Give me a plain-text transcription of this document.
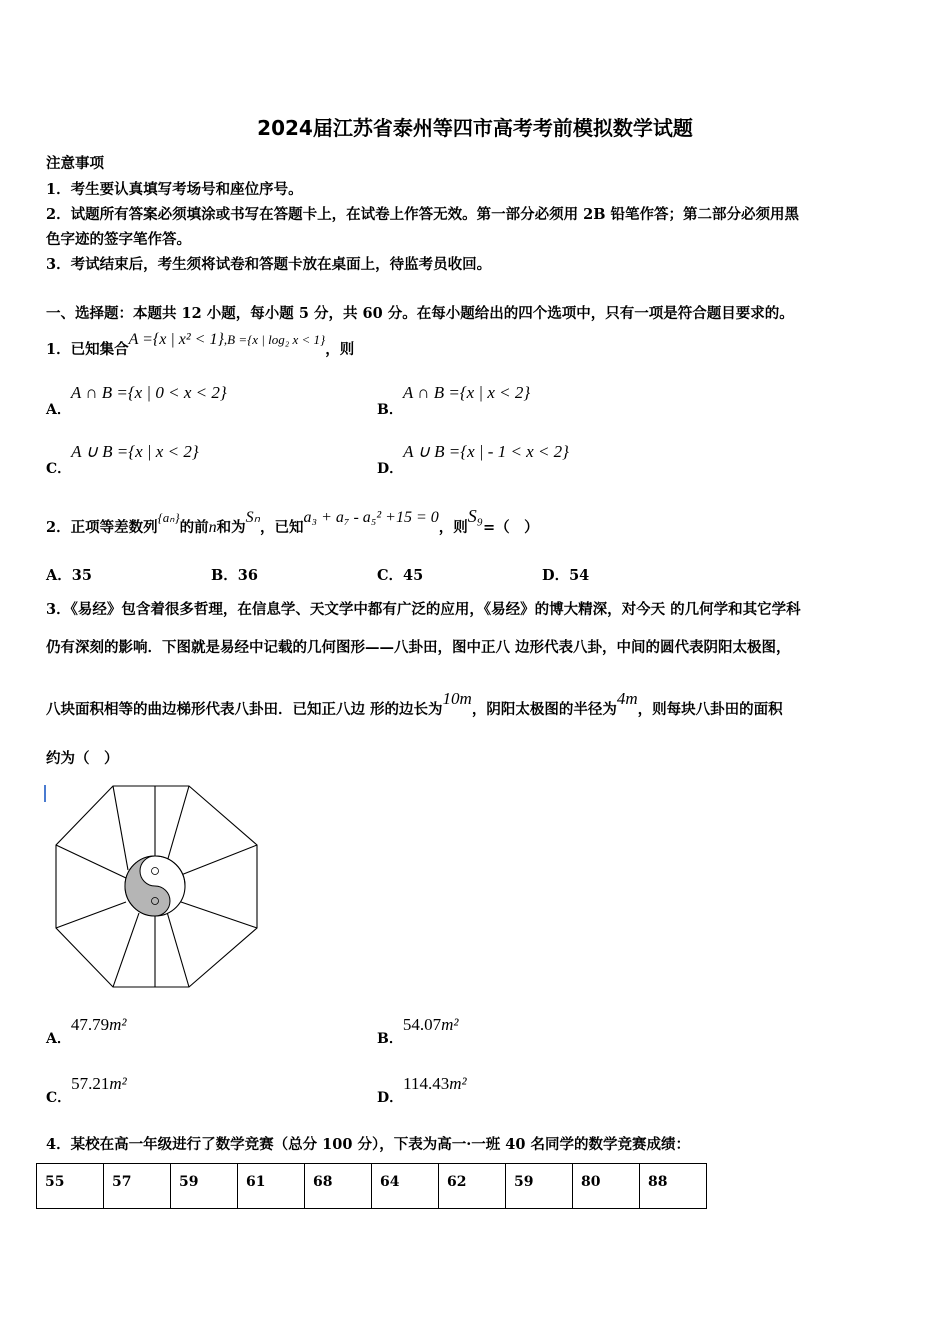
2024届江苏省泰州等四市高考考前模拟数学试题
注意事项
1．考生要认真填写考场号和座位序号。
2．试题所有答案必须填涂或书写在答题卡上，在试卷上作答无效。第一部分必须用 2B 铅笔作答；第二部分必须用黑
色字迹的签字笔作答。
3．考试结束后，考生须将试卷和答题卡放在桌面上，待监考员收回。
一、选择题：本题共 12 小题，每小题 5 分，共 60 分。在每小题给出的四个选项中，只有一项是符合题目要求的。
1．已知集合A ={x | x² < 1},B ={x | log₂ x < 1}，则
A．A ∩ B ={x | 0 < x < 2}
B．A ∩ B ={x | x < 2}
C．A ∪ B ={x | x < 2}
D．A ∪ B ={x | - 1 < x < 2}
2．正项等差数列{aₙ}的前n和为Sₙ，已知a₃ + a₇ - a₅² +15 = 0，则S₉=（　）
A．35	B．36	C．45	D．54
3．《易经》包含着很多哲理，在信息学、天文学中都有广泛的应用，《易经》的博大精深，对今天 的几何学和其它学科
仍有深刻的影响．下图就是易经中记载的几何图形——八卦田，图中正八 边形代表八卦，中间的圆代表阴阳太极图，
八块面积相等的曲边梯形代表八卦田．已知正八边 形的边长为10m，阴阳太极图的半径为4m，则每块八卦田的面积
约为（　）
A．47.79m²
B．54.07m²
C．57.21m²
D．114.43m²
4．某校在高一年级进行了数学竞赛（总分 100 分），下表为高一·一班 40 名同学的数学竞赛成绩：
55	57	59	61	68	64	62	59	80	88
